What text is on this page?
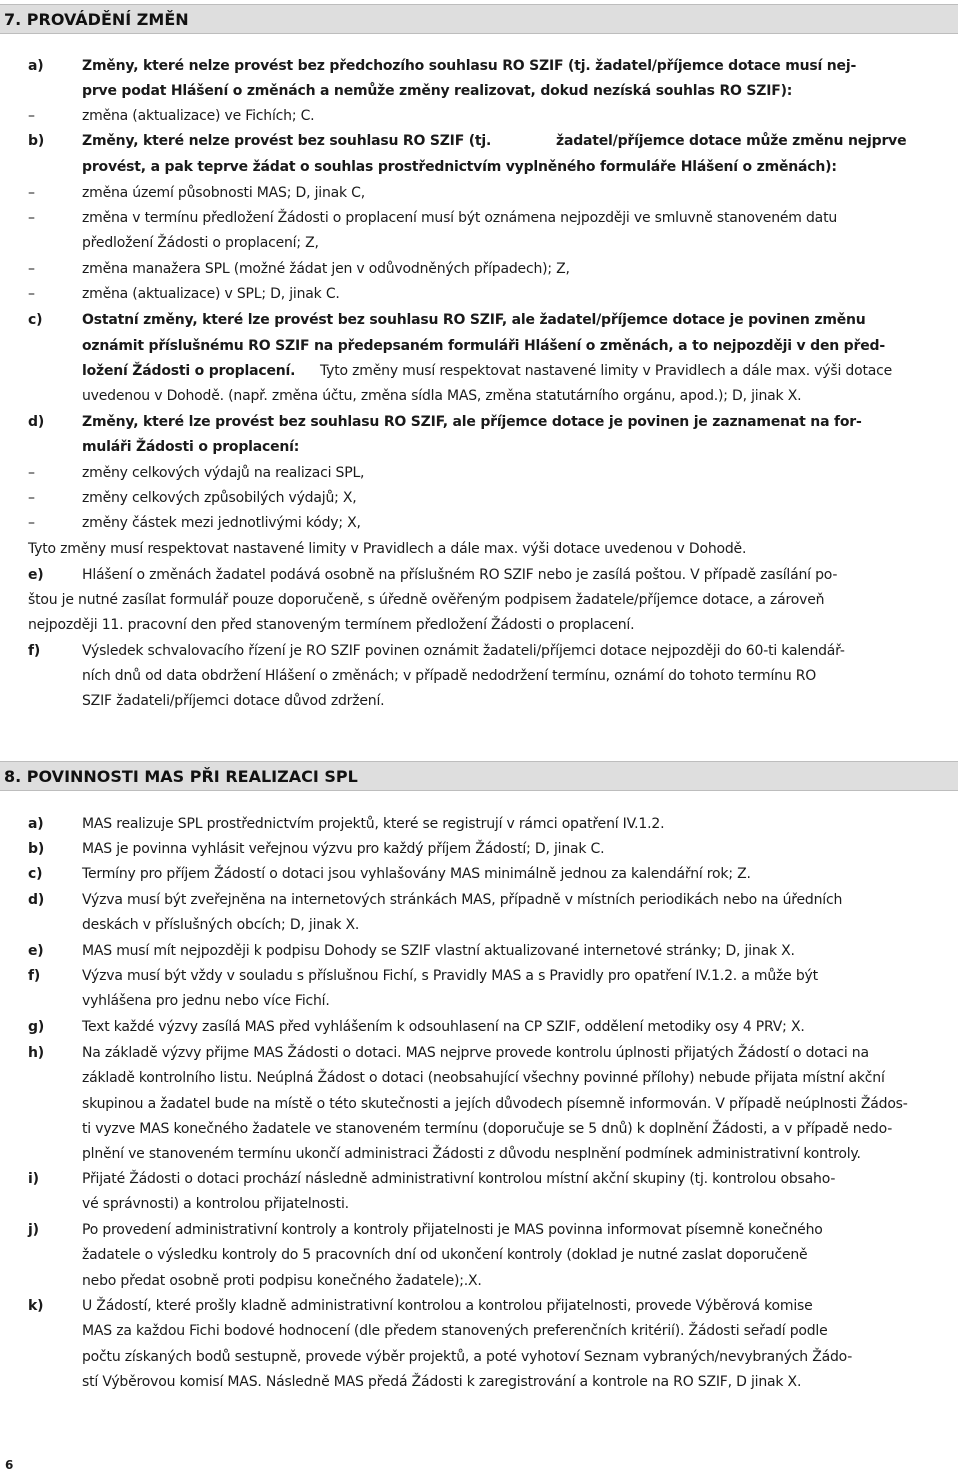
7. PROVÁDĚNÍ ZMĚN
a)	Změny, které nelze provést bez předchozího souhlasu RO SZIF (tj. žadatel/příjemce dotace musí nej-
prve podat Hlášení o změnách a nemůže změny realizovat, dokud nezíská souhlas RO SZIF):
–	změna (aktualizace) ve Fichích; C.
b)	Změny, které nelze provést bez souhlasu RO SZIF (tj.	žadatel/příjemce dotace může změnu nejprve
provést, a pak teprve žádat o souhlas prostřednictvím vyplněného formuláře Hlášení o změnách):
–	změna území působnosti MAS; D, jinak C,
–	změna v termínu předložení Žádosti o proplacení musí být oznámena nejpozději ve smluvně stanoveném datu
předložení Žádosti o proplacení; Z,
–	změna manažera SPL (možné žádat jen v odůvodněných případech); Z,
–	změna (aktualizace) v SPL; D, jinak C.
c)	Ostatní změny, které lze provést bez souhlasu RO SZIF, ale žadatel/příjemce dotace je povinen změnu
oznámit příslušnému RO SZIF na předepsaném formuláři Hlášení o změnách, a to nejpozději v den před-
ložení Žádosti o proplacení. Tyto změny musí respektovat nastavené limity v Pravidlech a dále max. výši dotace
uvedenou v Dohodě. (např. změna účtu, změna sídla MAS, změna statutárního orgánu, apod.); D, jinak X.
d)	Změny, které lze provést bez souhlasu RO SZIF, ale příjemce dotace je povinen je zaznamenat na for-
muláři Žádosti o proplacení:
–	změny celkových výdajů na realizaci SPL,
–	změny celkových způsobilých výdajů; X,
–	změny částek mezi jednotlivými kódy; X,
Tyto změny musí respektovat nastavené limity v Pravidlech a dále max. výši dotace uvedenou v Dohodě.
e)	Hlášení o změnách žadatel podává osobně na příslušném RO SZIF nebo je zasílá poštou. V případě zasílání po-
štou je nutné zasílat formulář pouze doporučeně, s úředně ověřeným podpisem žadatele/příjemce dotace, a zároveň
nejpozději 11. pracovní den před stanoveným termínem předložení Žádosti o proplacení.
f)	Výsledek schvalovacího řízení je RO SZIF povinen oznámit žadateli/příjemci dotace nejpozději do 60-ti kalendář-
ních dnů od data obdržení Hlášení o změnách; v případě nedodržení termínu, oznámí do tohoto termínu RO
SZIF žadateli/příjemci dotace důvod zdržení.
8. POVINNOSTI MAS PŘI REALIZACI SPL
a)	MAS realizuje SPL prostřednictvím projektů, které se registrují v rámci opatření IV.1.2.
b)	MAS je povinna vyhlásit veřejnou výzvu pro každý příjem Žádostí; D, jinak C.
c)	Termíny pro příjem Žádostí o dotaci jsou vyhlašovány MAS minimálně jednou za kalendářní rok; Z.
d)	Výzva musí být zveřejněna na internetových stránkách MAS, případně v místních periodikách nebo na úředních
deskách v příslušných obcích; D, jinak X.
e)	MAS musí mít nejpozději k podpisu Dohody se SZIF vlastní aktualizované internetové stránky; D, jinak X.
f)	Výzva musí být vždy v souladu s příslušnou Fichí, s Pravidly MAS a s Pravidly pro opatření IV.1.2. a může být
vyhlášena pro jednu nebo více Fichí.
g)	Text každé výzvy zasílá MAS před vyhlášením k odsouhlasení na CP SZIF, oddělení metodiky osy 4 PRV; X.
h)	Na základě výzvy přijme MAS Žádosti o dotaci. MAS nejprve provede kontrolu úplnosti přijatých Žádostí o dotaci na
základě kontrolního listu. Neúplná Žádost o dotaci (neobsahující všechny povinné přílohy) nebude přijata místní akční
skupinou a žadatel bude na místě o této skutečnosti a jejích důvodech písemně informován. V případě neúplnosti Žádos-
ti vyzve MAS konečného žadatele ve stanoveném termínu (doporučuje se 5 dnů) k doplnění Žádosti, a v případě nedo-
plnění ve stanoveném termínu ukončí administraci Žádosti z důvodu nesplnění podmínek administrativní kontroly.
i)	Přijaté Žádosti o dotaci prochází následně administrativní kontrolou místní akční skupiny (tj. kontrolou obsaho-
vé správnosti) a kontrolou přijatelnosti.
j)	Po provedení administrativní kontroly a kontroly přijatelnosti je MAS povinna informovat písemně konečného
žadatele o výsledku kontroly do 5 pracovních dní od ukončení kontroly (doklad je nutné zaslat doporučeně
nebo předat osobně proti podpisu konečného žadatele);.X.
k)	U Žádostí, které prošly kladně administrativní kontrolou a kontrolou přijatelnosti, provede Výběrová komise
MAS za každou Fichi bodové hodnocení (dle předem stanovených preferenčních kritérií). Žádosti seřadí podle
počtu získaných bodů sestupně, provede výběr projektů, a poté vyhotoví Seznam vybraných/nevybraných Žádo-
stí Výběrovou komisí MAS. Následně MAS předá Žádosti k zaregistrování a kontrole na RO SZIF, D jinak X.
6
